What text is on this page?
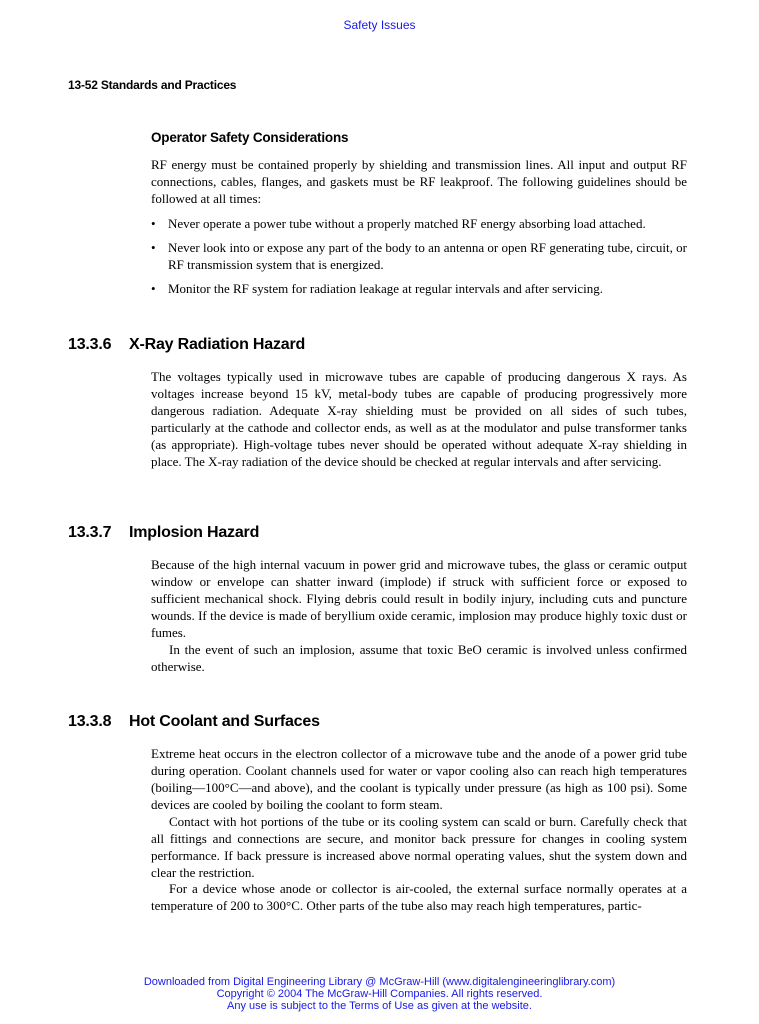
Safety Issues
13-52 Standards and Practices
Operator Safety Considerations

RF energy must be contained properly by shielding and transmission lines. All input and output RF connections, cables, flanges, and gaskets must be RF leakproof. The following guidelines should be followed at all times:

• Never operate a power tube without a properly matched RF energy absorbing load attached.
• Never look into or expose any part of the body to an antenna or open RF generating tube, circuit, or RF transmission system that is energized.
• Monitor the RF system for radiation leakage at regular intervals and after servicing.
13.3.6 X-Ray Radiation Hazard

The voltages typically used in microwave tubes are capable of producing dangerous X rays. As voltages increase beyond 15 kV, metal-body tubes are capable of producing progressively more dangerous radiation. Adequate X-ray shielding must be provided on all sides of such tubes, particularly at the cathode and collector ends, as well as at the modulator and pulse transformer tanks (as appropriate). High-voltage tubes never should be operated without adequate X-ray shielding in place. The X-ray radiation of the device should be checked at regular intervals and after servicing.

13.3.7 Implosion Hazard

Because of the high internal vacuum in power grid and microwave tubes, the glass or ceramic output window or envelope can shatter inward (implode) if struck with sufficient force or exposed to sufficient mechanical shock. Flying debris could result in bodily injury, including cuts and puncture wounds. If the device is made of beryllium oxide ceramic, implosion may produce highly toxic dust or fumes.

In the event of such an implosion, assume that toxic BeO ceramic is involved unless confirmed otherwise.

13.3.8 Hot Coolant and Surfaces

Extreme heat occurs in the electron collector of a microwave tube and the anode of a power grid tube during operation. Coolant channels used for water or vapor cooling also can reach high temperatures (boiling—100°C—and above), and the coolant is typically under pressure (as high as 100 psi). Some devices are cooled by boiling the coolant to form steam.

Contact with hot portions of the tube or its cooling system can scald or burn. Carefully check that all fittings and connections are secure, and monitor back pressure for changes in cooling system performance. If back pressure is increased above normal operating values, shut the system down and clear the restriction.

For a device whose anode or collector is air-cooled, the external surface normally operates at a temperature of 200 to 300°C. Other parts of the tube also may reach high temperatures, partic-

Downloaded from Digital Engineering Library @ McGraw-Hill (www.digitalengineeringlibrary.com)
Copyright © 2004 The McGraw-Hill Companies. All rights reserved.
Any use is subject to the Terms of Use as given at the website.
